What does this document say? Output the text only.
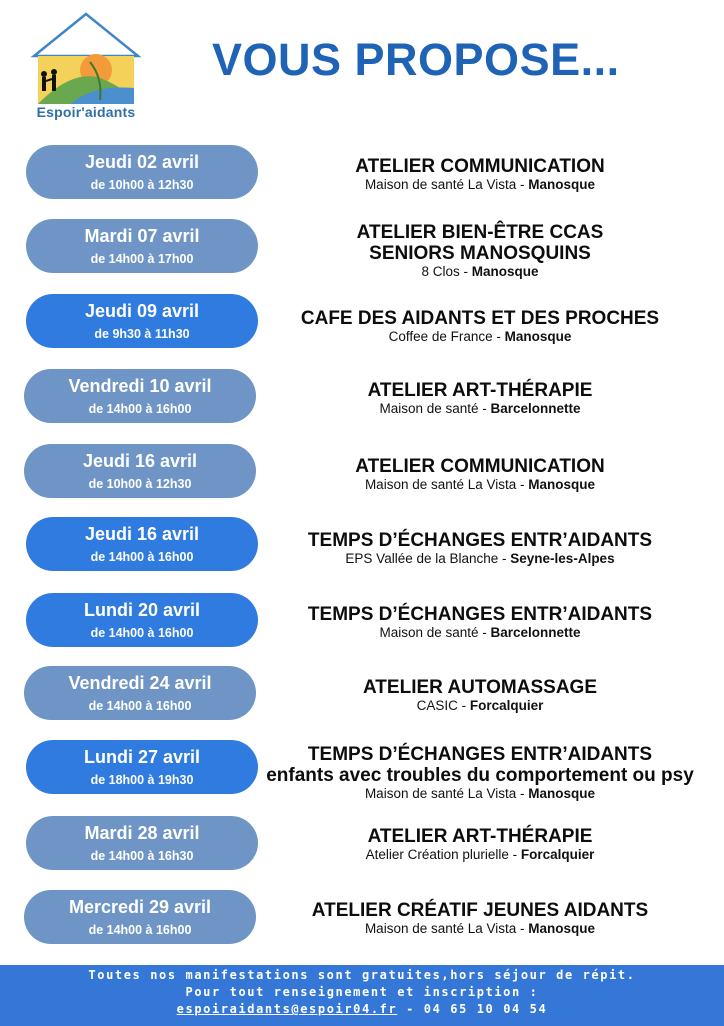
Espoir'aidants
VOUS PROPOSE...
Jeudi 02 avril
de 10h00 à 12h30
ATELIER COMMUNICATION
Maison de santé La Vista - Manosque
Mardi 07 avril
de 14h00 à 17h00
ATELIER BIEN-ÊTRE CCAS
SENIORS MANOSQUINS
8 Clos - Manosque
Jeudi 09 avril
de 9h30 à 11h30
CAFE DES AIDANTS ET DES PROCHES
Coffee de France - Manosque
Vendredi 10 avril
de 14h00 à 16h00
ATELIER ART-THÉRAPIE
Maison de santé - Barcelonnette
Jeudi 16 avril
de 10h00 à 12h30
ATELIER COMMUNICATION
Maison de santé La Vista - Manosque
Jeudi 16 avril
de 14h00 à 16h00
TEMPS D’ÉCHANGES ENTR’AIDANTS
EPS Vallée de la Blanche - Seyne-les-Alpes
Lundi 20 avril
de 14h00 à 16h00
TEMPS D’ÉCHANGES ENTR’AIDANTS
Maison de santé - Barcelonnette
Vendredi 24 avril
de 14h00 à 16h00
ATELIER AUTOMASSAGE
CASIC - Forcalquier
Lundi 27 avril
de 18h00 à 19h30
TEMPS D’ÉCHANGES ENTR’AIDANTS
enfants avec troubles du comportement ou psy
Maison de santé La Vista - Manosque
Mardi 28 avril
de 14h00 à 16h30
ATELIER ART-THÉRAPIE
Atelier Création plurielle - Forcalquier
Mercredi 29 avril
de 14h00 à 16h00
ATELIER CRÉATIF JEUNES AIDANTS
Maison de santé La Vista - Manosque
Toutes nos manifestations sont gratuites,hors séjour de répit.
Pour tout renseignement et inscription :
espoiraidants@espoir04.fr - 04 65 10 04 54
